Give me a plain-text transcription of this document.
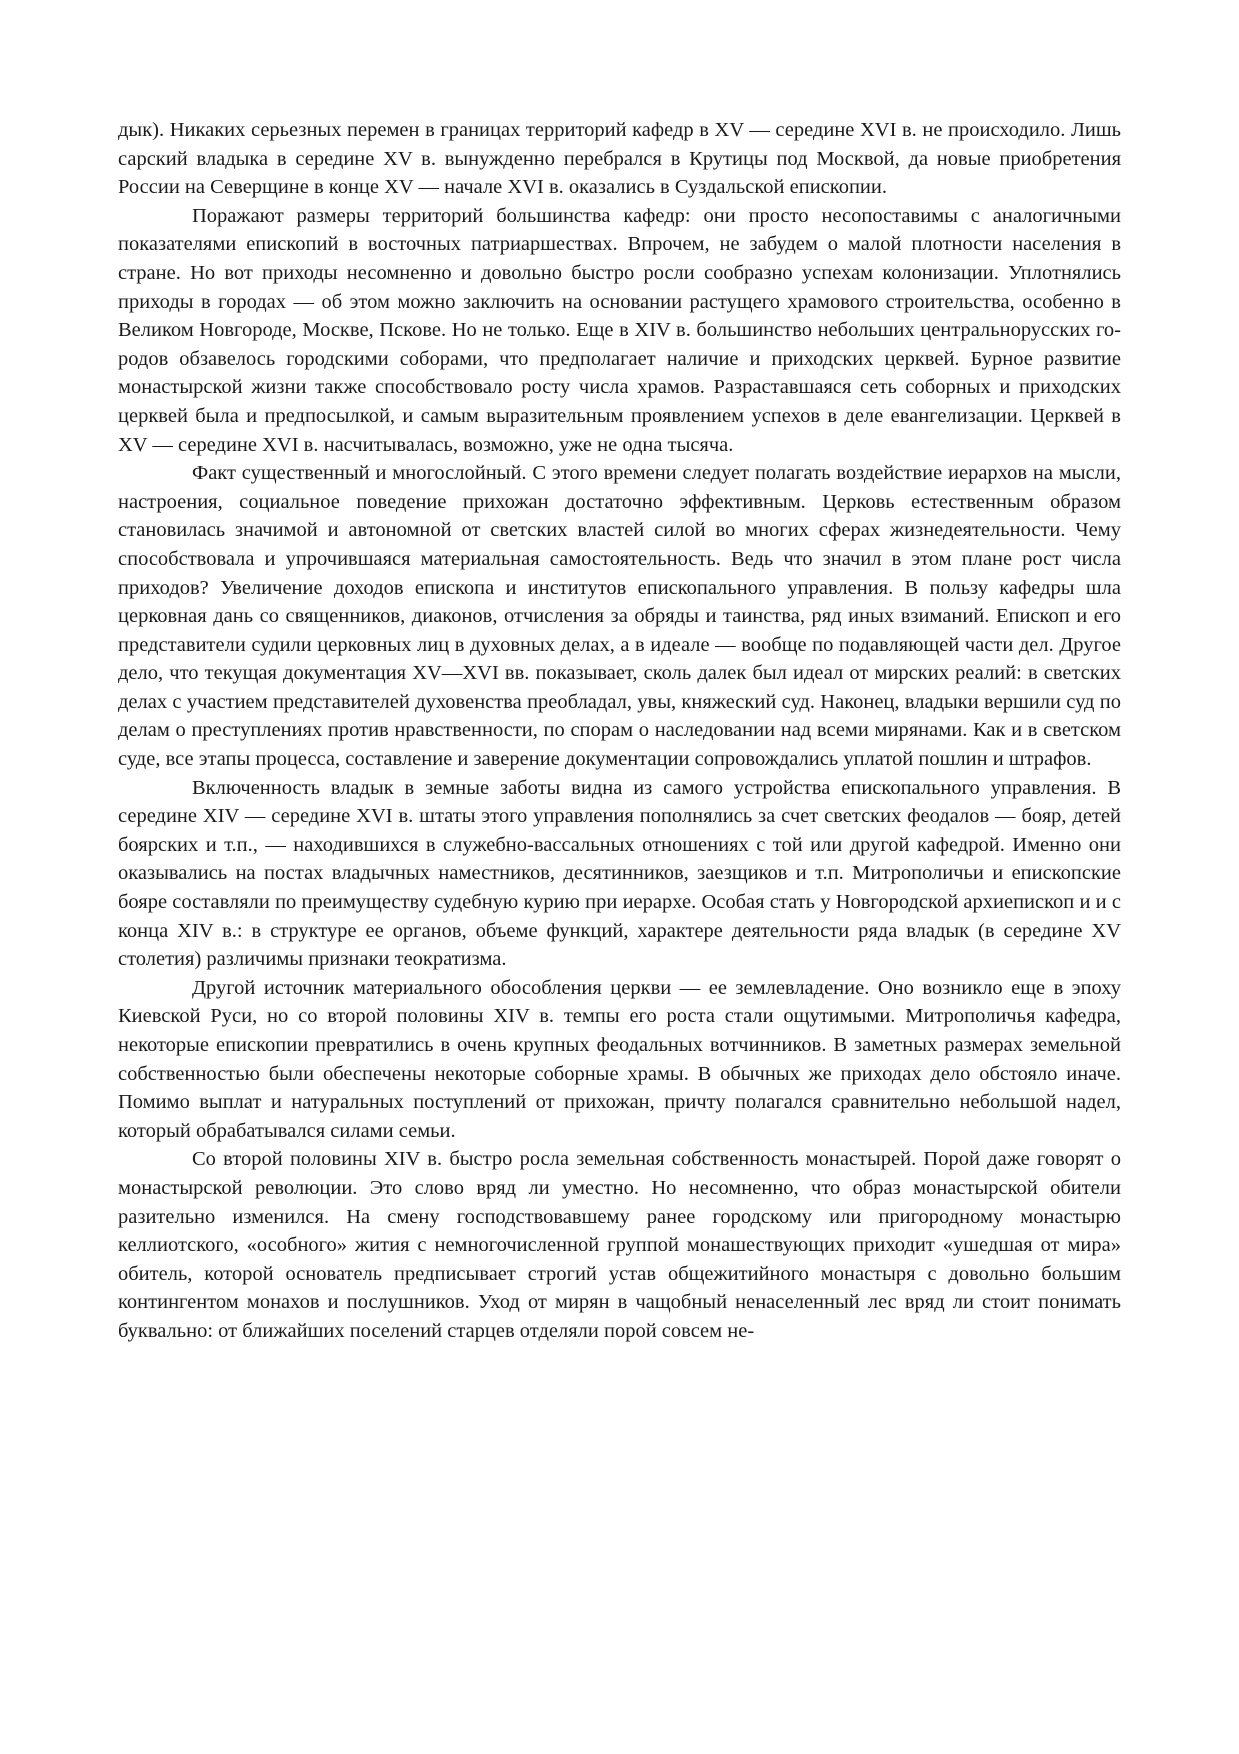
дык). Никаких серьезных перемен в границах территорий кафедр в XV — середине XVI в. не происходило. Лишь сарский владыка в середине XV в. вынужденно перебрался в Крутицы под Москвой, да новые приобретения России на Северщине в конце XV — начале XVI в. оказались в Суздальской епископии.

Поражают размеры территорий большинства кафедр: они просто несопоставимы с аналогичными показателями епископий в восточных патриаршествах. Впрочем, не забудем о малой плотности населения в стране. Но вот приходы несомненно и довольно быстро росли сообразно успехам колонизации. Уплотнялись приходы в городах — об этом можно заключить на основании растущего храмового строительства, особенно в Великом Новгороде, Москве, Пскове. Но не только. Еще в XIV в. большинство небольших центральнорусских городов обзавелось городскими соборами, что предполагает наличие и приходских церквей. Бурное развитие монастырской жизни также способствовало росту числа храмов. Разраставшаяся сеть соборных и приходских церквей была и предпосылкой, и самым выразительным проявлением успехов в деле евангелизации. Церквей в XV — середине XVI в. насчитывалась, возможно, уже не одна тысяча.

Факт существенный и многослойный. С этого времени следует полагать воздействие иерархов на мысли, настроения, социальное поведение прихожан достаточно эффективным. Церковь естественным образом становилась значимой и автономной от светских властей силой во многих сферах жизнедеятельности. Чему способствовала и упрочившаяся материальная самостоятельность. Ведь что значил в этом плане рост числа приходов? Увеличение доходов епископа и институтов епископального управления. В пользу кафедры шла церковная дань со священников, диаконов, отчисления за обряды и таинства, ряд иных взиманий. Епископ и его представители судили церковных лиц в духовных делах, а в идеале — вообще по подавляющей части дел. Другое дело, что текущая документация XV—XVI вв. показывает, сколь далек был идеал от мирских реалий: в светских делах с участием представителей духовенства преобладал, увы, княжеский суд. Наконец, владыки вершили суд по делам о преступлениях против нравственности, по спорам о наследовании над всеми мирянами. Как и в светском суде, все этапы процесса, составление и заверение документации сопровождались уплатой пошлин и штрафов.

Включенность владык в земные заботы видна из самого устройства епископального управления. В середине XIV — середине XVI в. штаты этого управления пополнялись за счет светских феодалов — бояр, детей боярских и т.п., — находившихся в служебно-вассальных отношениях с той или другой кафедрой. Именно они оказывались на постах владычных наместников, десятинников, заезщиков и т.п. Митрополичьи и епископские бояре составляли по преимуществу судебную курию при иерархе. Особая стать у Новгородской архиепископ и и с конца XIV в.: в структуре ее органов, объеме функций, характере деятельности ряда владык (в середине XV столетия) различимы признаки теократизма.

Другой источник материального обособления церкви — ее землевладение. Оно возникло еще в эпоху Киевской Руси, но со второй половины XIV в. темпы его роста стали ощутимыми. Митрополичья кафедра, некоторые епископии превратились в очень крупных феодальных вотчинников. В заметных размерах земельной собственностью были обеспечены некоторые соборные храмы. В обычных же приходах дело обстояло иначе. Помимо выплат и натуральных поступлений от прихожан, причту полагался сравнительно небольшой надел, который обрабатывался силами семьи.

Со второй половины XIV в. быстро росла земельная собственность монастырей. Порой даже говорят о монастырской революции. Это слово вряд ли уместно. Но несомненно, что образ монастырской обители разительно изменился. На смену господствовавшему ранее городскому или пригородному монастырю келлиотского, «особного» жития с немногочисленной группой монашествующих приходит «ушедшая от мира» обитель, которой основатель предписывает строгий устав общежитийного монастыря с довольно большим контингентом монахов и послушников. Уход от мирян в чащобный ненаселенный лес вряд ли стоит понимать буквально: от ближайших поселений старцев отделяли порой совсем не-
